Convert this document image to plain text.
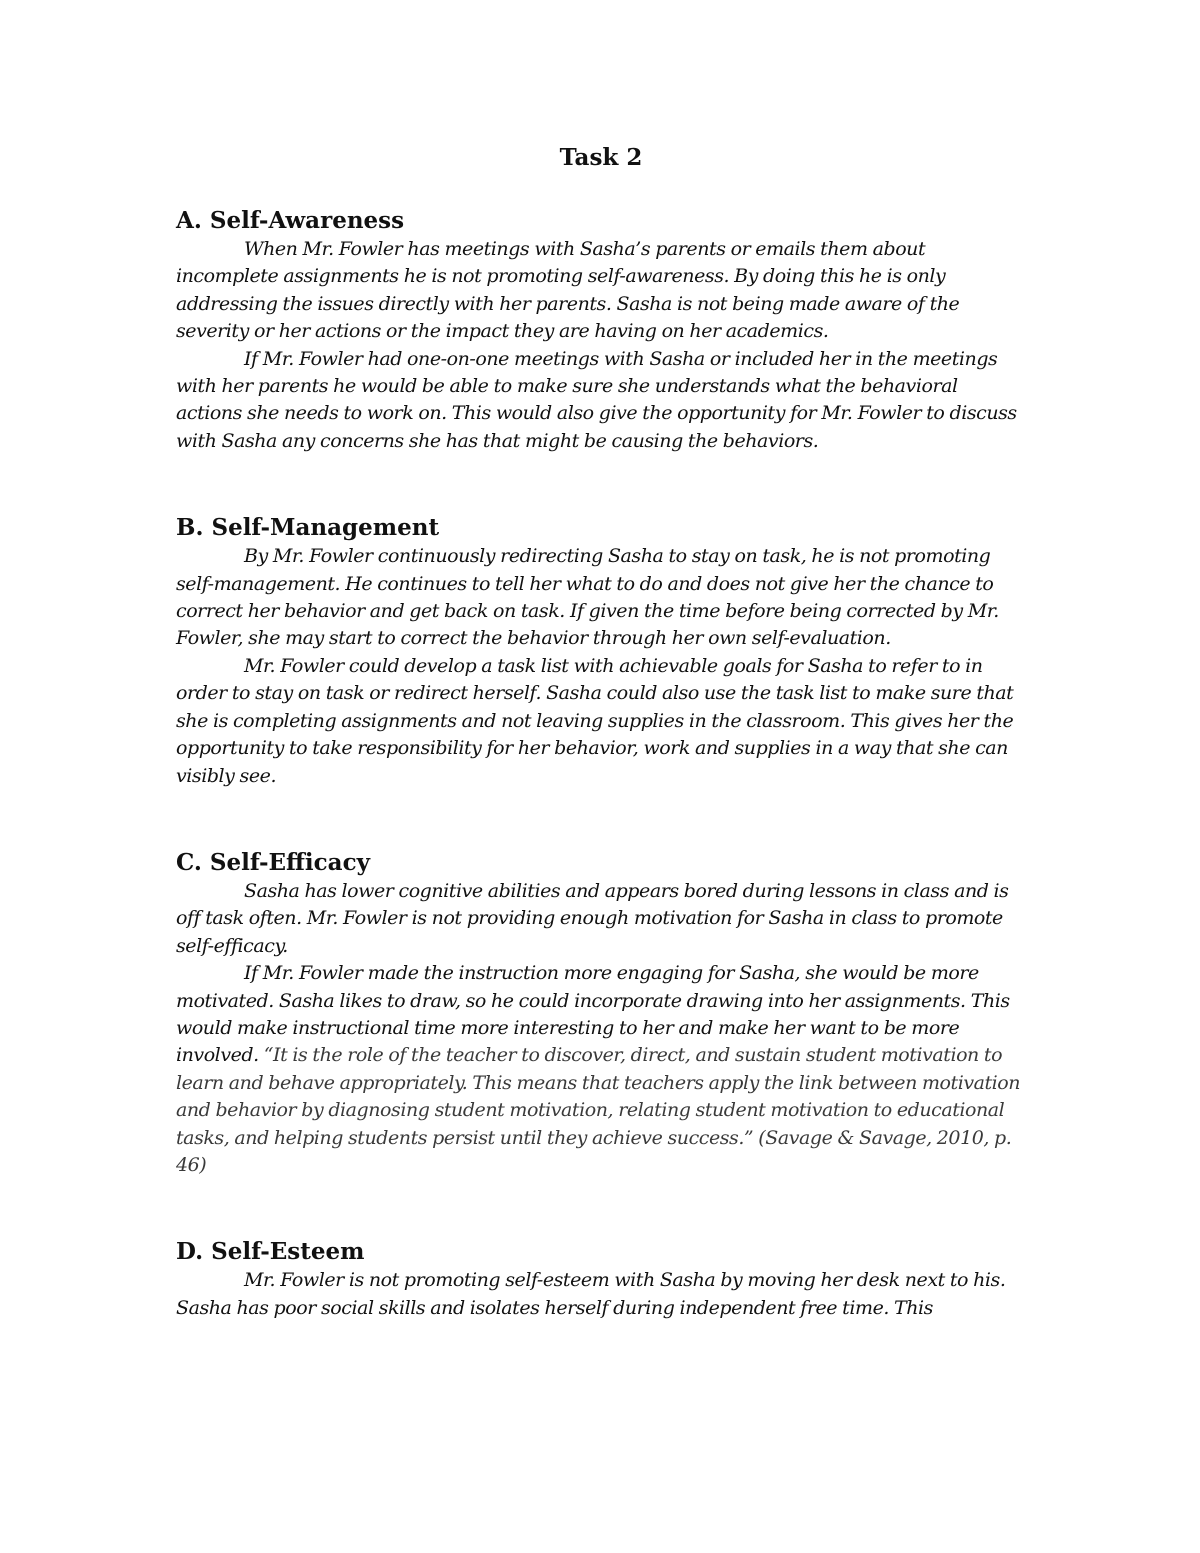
Task 2
A. Self-Awareness

When Mr. Fowler has meetings with Sasha’s parents or emails them about incomplete assignments he is not promoting self-awareness. By doing this he is only addressing the issues directly with her parents. Sasha is not being made aware of the severity or her actions or the impact they are having on her academics.

If Mr. Fowler had one-on-one meetings with Sasha or included her in the meetings with her parents he would be able to make sure she understands what the behavioral actions she needs to work on. This would also give the opportunity for Mr. Fowler to discuss with Sasha any concerns she has that might be causing the behaviors.

B. Self-Management

By Mr. Fowler continuously redirecting Sasha to stay on task, he is not promoting self-management. He continues to tell her what to do and does not give her the chance to correct her behavior and get back on task. If given the time before being corrected by Mr. Fowler, she may start to correct the behavior through her own self-evaluation.

Mr. Fowler could develop a task list with achievable goals for Sasha to refer to in order to stay on task or redirect herself. Sasha could also use the task list to make sure that she is completing assignments and not leaving supplies in the classroom. This gives her the opportunity to take responsibility for her behavior, work and supplies in a way that she can visibly see.

C. Self-Efficacy

Sasha has lower cognitive abilities and appears bored during lessons in class and is off task often. Mr. Fowler is not providing enough motivation for Sasha in class to promote self-efficacy.

If Mr. Fowler made the instruction more engaging for Sasha, she would be more motivated. Sasha likes to draw, so he could incorporate drawing into her assignments. This would make instructional time more interesting to her and make her want to be more involved. “It is the role of the teacher to discover, direct, and sustain student motivation to learn and behave appropriately. This means that teachers apply the link between motivation and behavior by diagnosing student motivation, relating student motivation to educational tasks, and helping students persist until they achieve success.” (Savage & Savage, 2010, p. 46)

D. Self-Esteem

Mr. Fowler is not promoting self-esteem with Sasha by moving her desk next to his. Sasha has poor social skills and isolates herself during independent free time. This
